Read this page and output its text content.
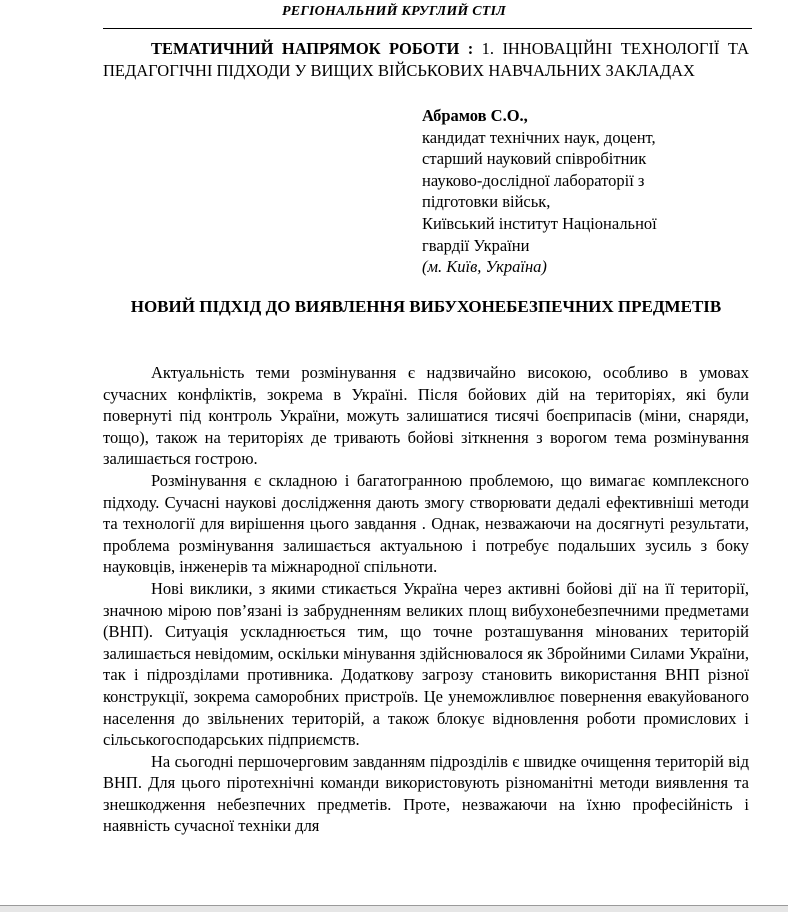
РЕГІОНАЛЬНИЙ КРУГЛИЙ СТІЛ
ТЕМАТИЧНИЙ НАПРЯМОК РОБОТИ : 1. ІННОВАЦІЙНІ ТЕХНОЛОГІЇ ТА ПЕДАГОГІЧНІ ПІДХОДИ У ВИЩИХ ВІЙСЬКОВИХ НАВЧАЛЬНИХ ЗАКЛАДАХ
Абрамов С.О.,
кандидат технічних наук, доцент,
старший науковий співробітник
науково-дослідної лабораторії з
підготовки військ,
Київський інститут Національної
гвардії України
(м. Київ, Україна)
НОВИЙ ПІДХІД ДО ВИЯВЛЕННЯ ВИБУХОНЕБЕЗПЕЧНИХ ПРЕДМЕТІВ

Актуальність теми розмінування є надзвичайно високою, особливо в умовах сучасних конфліктів, зокрема в Україні. Після бойових дій на територіях, які були повернуті під контроль України, можуть залишатися тисячі боєприпасів (міни, снаряди, тощо), також на територіях де тривають бойові зіткнення з ворогом тема розмінування залишається гострою.

Розмінування є складною і багатогранною проблемою, що вимагає комплексного підходу. Сучасні наукові дослідження дають змогу створювати дедалі ефективніші методи та технології для вирішення цього завдання . Однак, незважаючи на досягнуті результати, проблема розмінування залишається актуальною і потребує подальших зусиль з боку науковців, інженерів та міжнародної спільноти.

Нові виклики, з якими стикається Україна через активні бойові дії на її території, значною мірою пов’язані із забрудненням великих площ вибухонебезпечними предметами (ВНП). Ситуація ускладнюється тим, що точне розташування мінованих територій залишається невідомим, оскільки мінування здійснювалося як Збройними Силами України, так і підрозділами противника. Додаткову загрозу становить використання ВНП різної конструкції, зокрема саморобних пристроїв. Це унеможливлює повернення евакуйованого населення до звільнених територій, а також блокує відновлення роботи промислових і сільськогосподарських підприємств.

На сьогодні першочерговим завданням підрозділів є швидке очищення територій від ВНП. Для цього піротехнічні команди використовують різноманітні методи виявлення та знешкодження небезпечних предметів. Проте, незважаючи на їхню професійність і наявність сучасної техніки для
